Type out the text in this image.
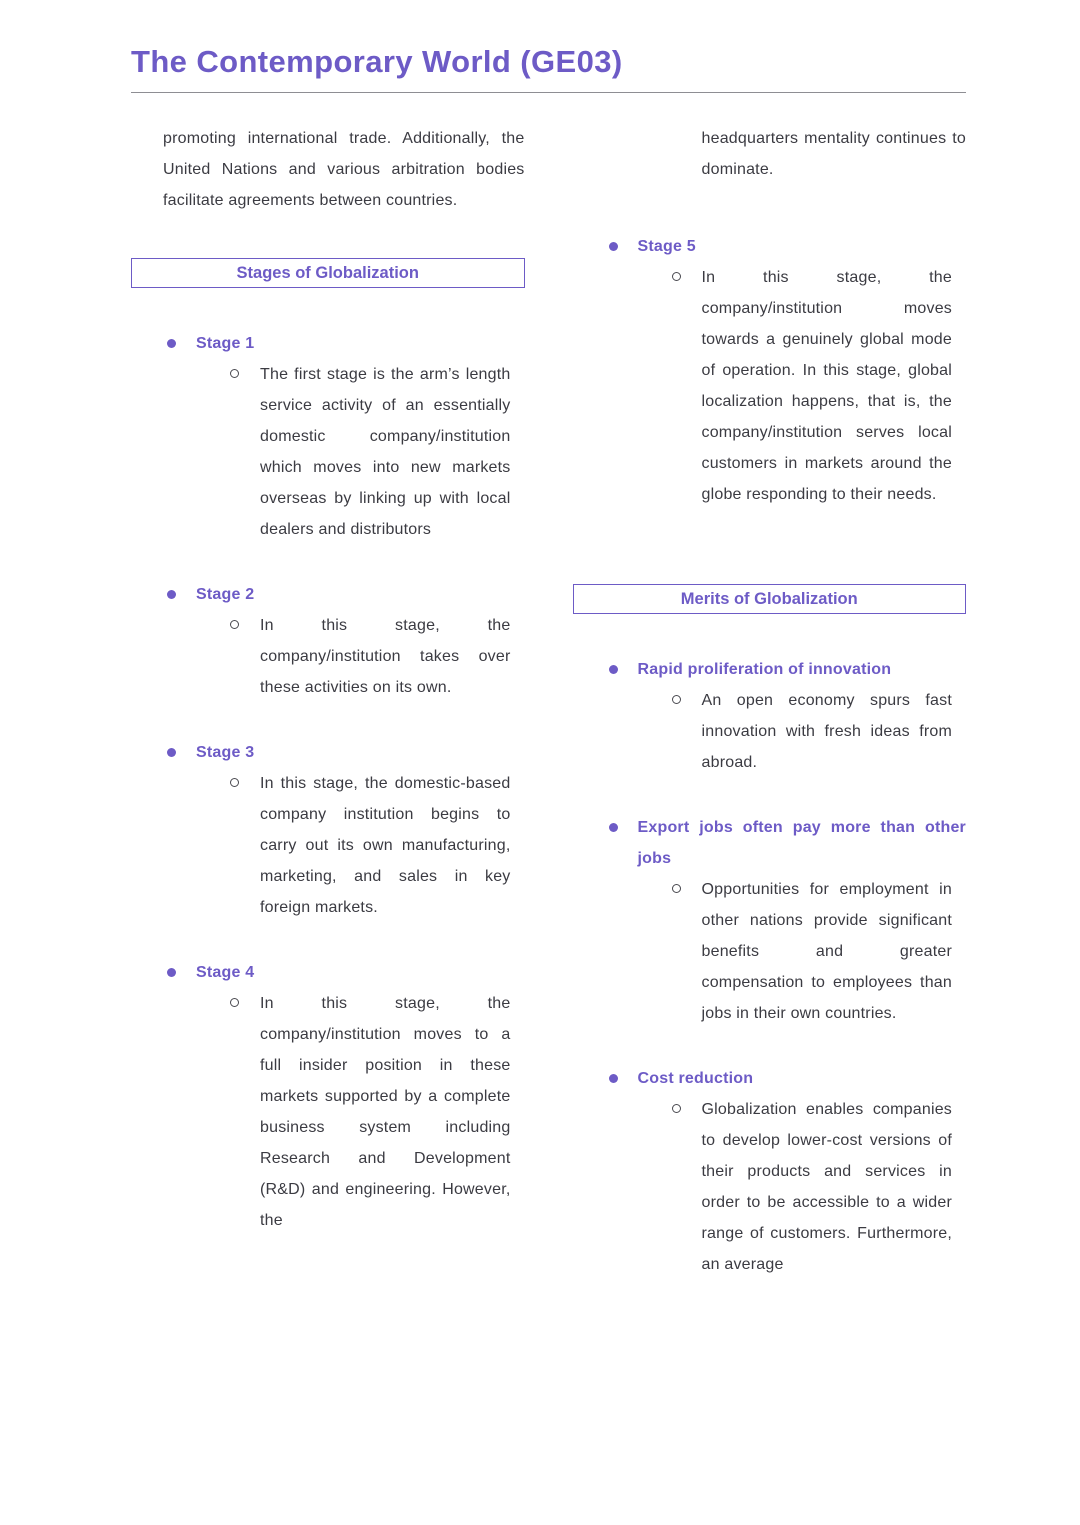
The Contemporary World (GE03)

promoting international trade. Additionally, the United Nations and various arbitration bodies facilitate agreements between countries.

Stages of Globalization
Stage 1

The first stage is the arm’s length service activity of an essentially domestic company/institution which moves into new markets overseas by linking up with local dealers and distributors

Stage 2

In this stage, the company/institution takes over these activities on its own.

Stage 3

In this stage, the domestic-based company institution begins to carry out its own manufacturing, marketing, and sales in key foreign markets.

Stage 4

In this stage, the company/institution moves to a full insider position in these markets supported by a complete business system including Research and Development (R&D) and engineering. However, the

headquarters mentality continues to dominate.

Stage 5

In this stage, the company/institution moves towards a genuinely global mode of operation. In this stage, global localization happens, that is, the company/institution serves local customers in markets around the globe responding to their needs.

Merits of Globalization
Rapid proliferation of innovation

An open economy spurs fast innovation with fresh ideas from abroad.

Export jobs often pay more than other jobs

Opportunities for employment in other nations provide significant benefits and greater compensation to employees than jobs in their own countries.

Cost reduction

Globalization enables companies to develop lower-cost versions of their products and services in order to be accessible to a wider range of customers. Furthermore, an average
